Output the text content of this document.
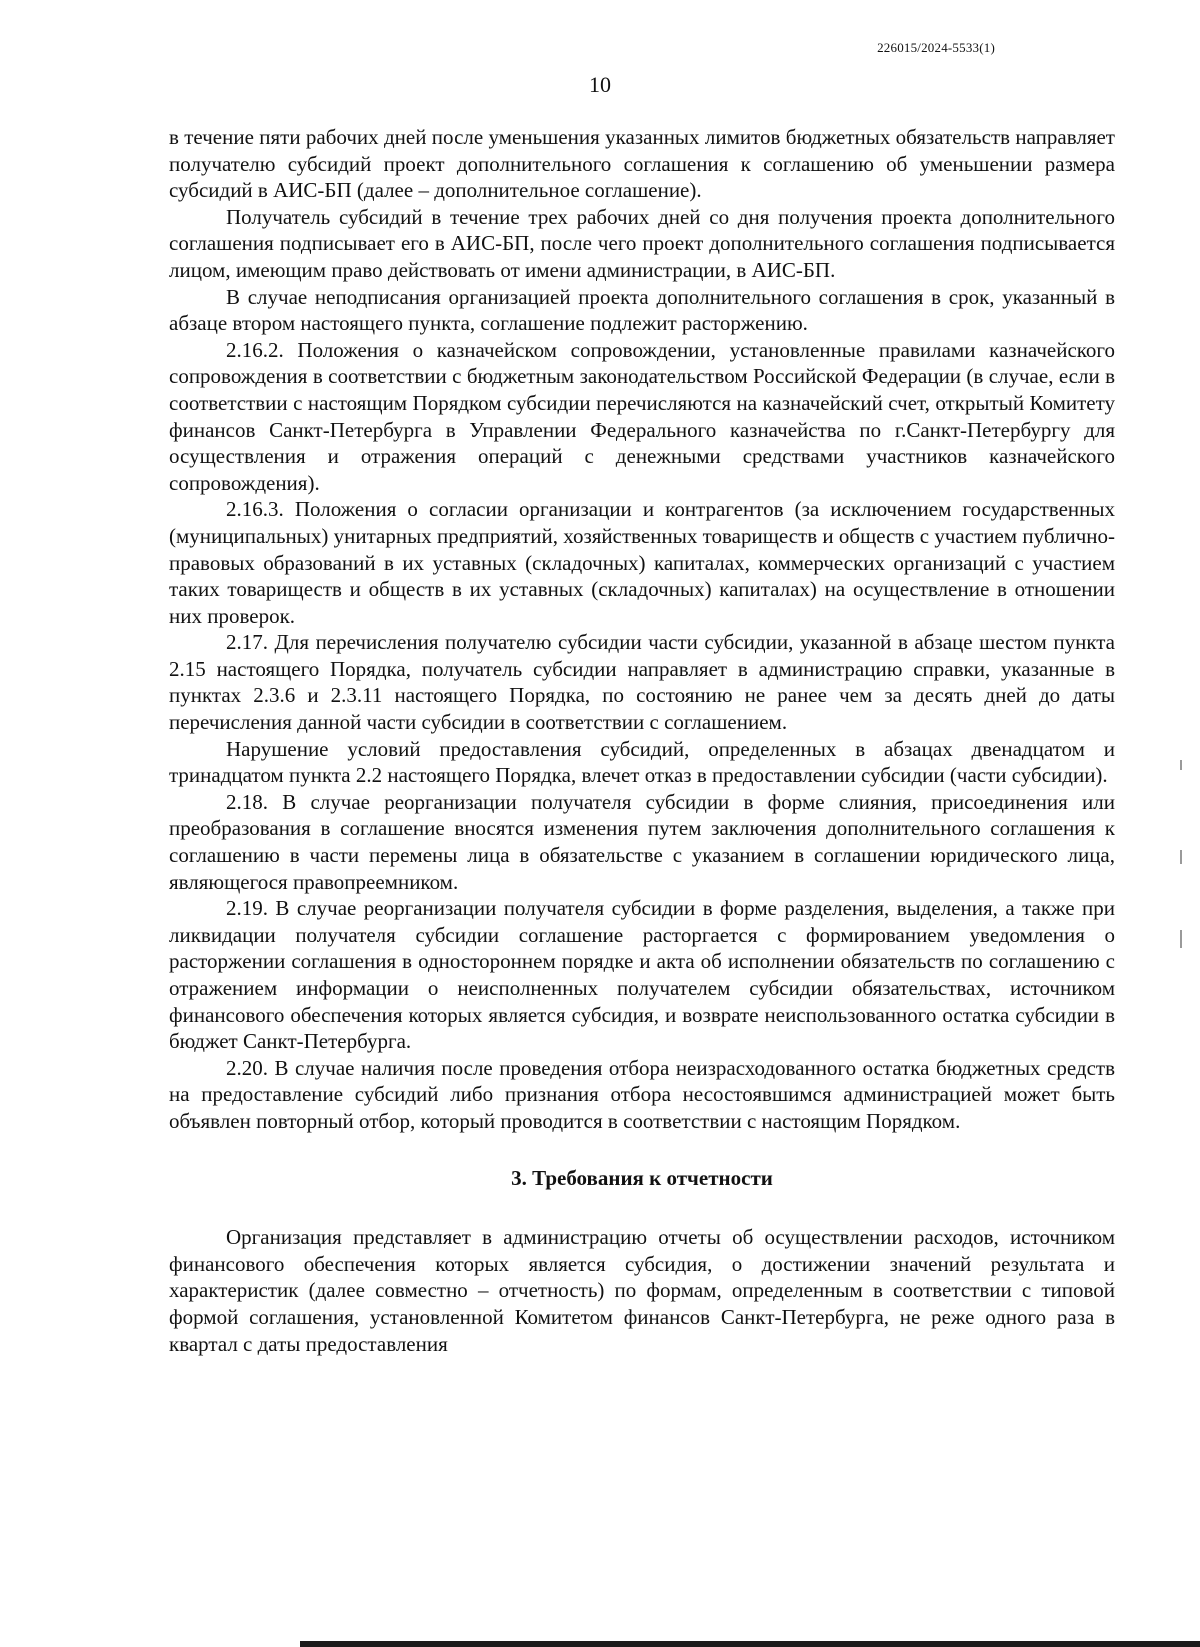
226015/2024-5533(1)
10

в течение пяти рабочих дней после уменьшения указанных лимитов бюджетных обязательств направляет получателю субсидий проект дополнительного соглашения к соглашению об уменьшении размера субсидий в АИС-БП (далее – дополнительное соглашение).

Получатель субсидий в течение трех рабочих дней со дня получения проекта дополнительного соглашения подписывает его в АИС-БП, после чего проект дополнительного соглашения подписывается лицом, имеющим право действовать от имени администрации, в АИС-БП.

В случае неподписания организацией проекта дополнительного соглашения в срок, указанный в абзаце втором настоящего пункта, соглашение подлежит расторжению.

2.16.2. Положения о казначейском сопровождении, установленные правилами казначейского сопровождения в соответствии с бюджетным законодательством Российской Федерации (в случае, если в соответствии с настоящим Порядком субсидии перечисляются на казначейский счет, открытый Комитету финансов Санкт-Петербурга в Управлении Федерального казначейства по г.Санкт-Петербургу для осуществления и отражения операций с денежными средствами участников казначейского сопровождения).

2.16.3. Положения о согласии организации и контрагентов (за исключением государственных (муниципальных) унитарных предприятий, хозяйственных товариществ и обществ с участием публично-правовых образований в их уставных (складочных) капиталах, коммерческих организаций с участием таких товариществ и обществ в их уставных (складочных) капиталах) на осуществление в отношении них проверок.

2.17. Для перечисления получателю субсидии части субсидии, указанной в абзаце шестом пункта 2.15 настоящего Порядка, получатель субсидии направляет в администрацию справки, указанные в пунктах 2.3.6 и 2.3.11 настоящего Порядка, по состоянию не ранее чем за десять дней до даты перечисления данной части субсидии в соответствии с соглашением.

Нарушение условий предоставления субсидий, определенных в абзацах двенадцатом и тринадцатом пункта 2.2 настоящего Порядка, влечет отказ в предоставлении субсидии (части субсидии).

2.18. В случае реорганизации получателя субсидии в форме слияния, присоединения или преобразования в соглашение вносятся изменения путем заключения дополнительного соглашения к соглашению в части перемены лица в обязательстве с указанием в соглашении юридического лица, являющегося правопреемником.

2.19. В случае реорганизации получателя субсидии в форме разделения, выделения, а также при ликвидации получателя субсидии соглашение расторгается с формированием уведомления о расторжении соглашения в одностороннем порядке и акта об исполнении обязательств по соглашению с отражением информации о неисполненных получателем субсидии обязательствах, источником финансового обеспечения которых является субсидия, и возврате неиспользованного остатка субсидии в бюджет Санкт-Петербурга.

2.20. В случае наличия после проведения отбора неизрасходованного остатка бюджетных средств на предоставление субсидий либо признания отбора несостоявшимся администрацией может быть объявлен повторный отбор, который проводится в соответствии с настоящим Порядком.

3. Требования к отчетности

Организация представляет в администрацию отчеты об осуществлении расходов, источником финансового обеспечения которых является субсидия, о достижении значений результата и характеристик (далее совместно – отчетность) по формам, определенным в соответствии с типовой формой соглашения, установленной Комитетом финансов Санкт-Петербурга, не реже одного раза в квартал с даты предоставления
